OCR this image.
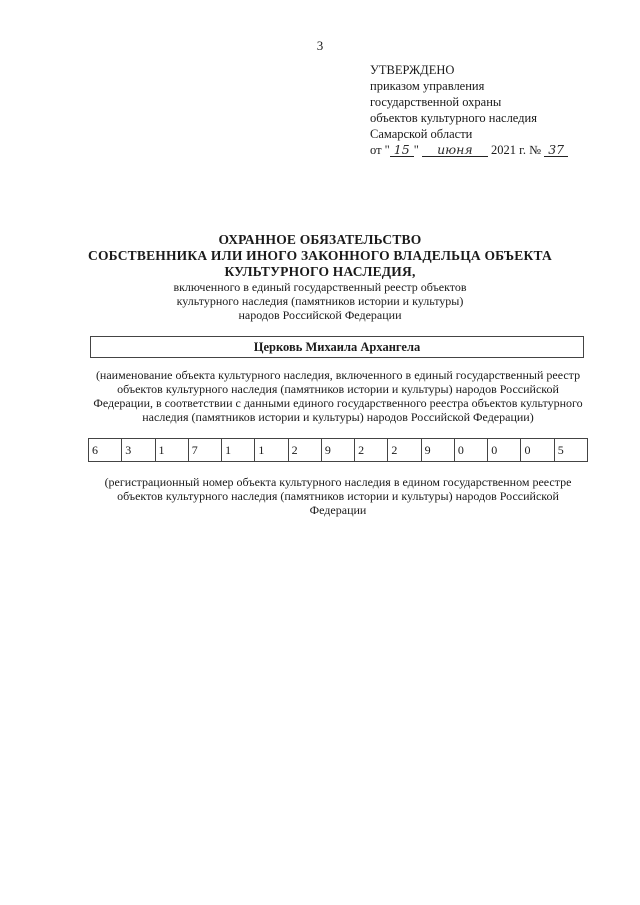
3
УТВЕРЖДЕНО
приказом управления
государственной охраны
объектов культурного наследия
Самарской области
от " 15 " июня 2021 г. № 37
ОХРАННОЕ ОБЯЗАТЕЛЬСТВО
СОБСТВЕННИКА ИЛИ ИНОГО ЗАКОННОГО ВЛАДЕЛЬЦА ОБЪЕКТА
КУЛЬТУРНОГО НАСЛЕДИЯ,
включенного в единый государственный реестр объектов
культурного наследия (памятников истории и культуры)
народов Российской Федерации
Церковь Михаила Архангела
(наименование объекта культурного наследия, включенного в единый государственный реестр объектов культурного наследия (памятников истории и культуры) народов Российской Федерации, в соответствии с данными единого государственного реестра объектов культурного наследия (памятников истории и культуры) народов Российской Федерации)
6	3	1	7	1	1	2	9	2	2	9	0	0	0	5
(регистрационный номер объекта культурного наследия в едином государственном реестре объектов культурного наследия (памятников истории и культуры) народов Российской Федерации
